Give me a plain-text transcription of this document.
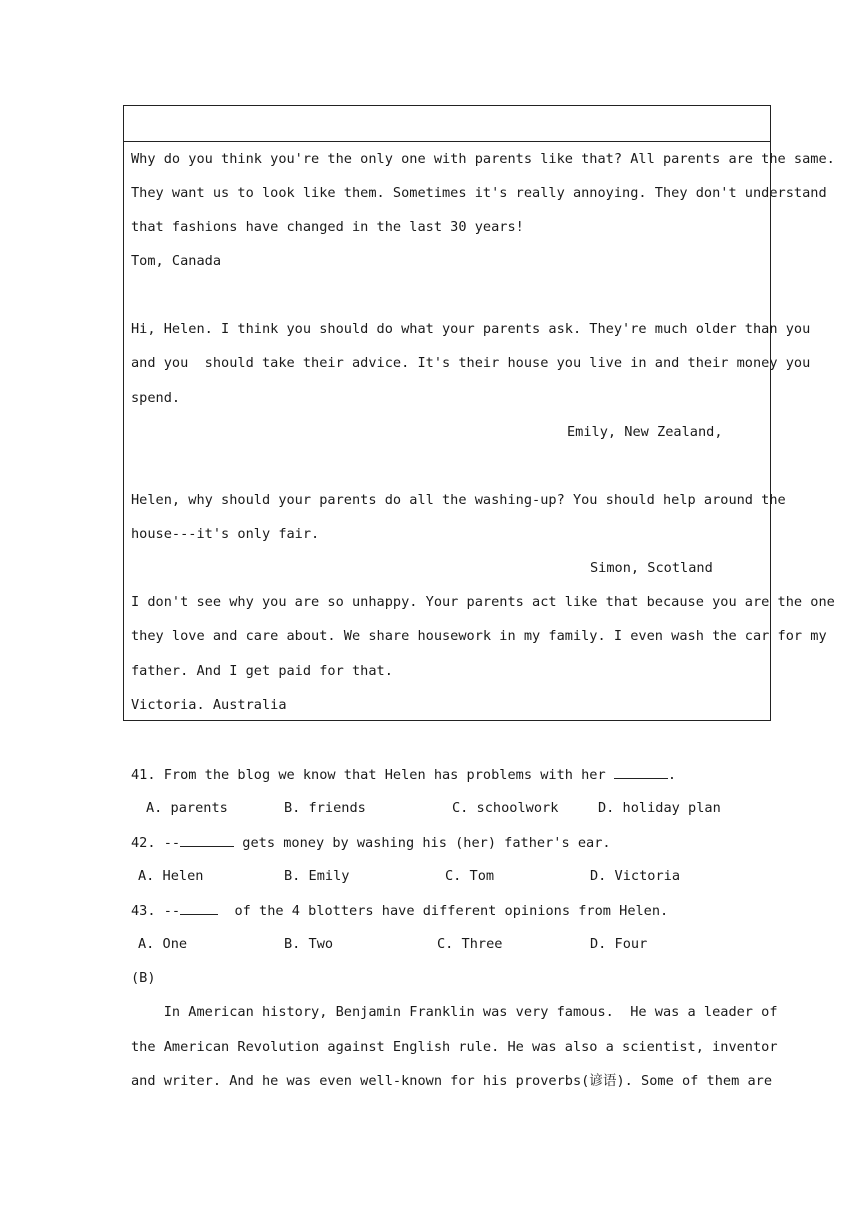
Why do you think you're the only one with parents like that? All parents are the same.
They want us to look like them. Sometimes it's really annoying. They don't understand
that fashions have changed in the last 30 years!
Tom, Canada
Hi, Helen. I think you should do what your parents ask. They're much older than you
and you  should take their advice. It's their house you live in and their money you
spend.
Emily, New Zealand,
Helen, why should your parents do all the washing-up? You should help around the
house---it's only fair.
Simon, Scotland
I don't see why you are so unhappy. Your parents act like that because you are the one
they love and care about. We share housework in my family. I even wash the car for my
father. And I get paid for that.
Victoria. Australia
41. From the blog we know that Helen has problems with her	.
A. parents	B. friends	C. schoolwork	D. holiday plan
42. --	gets money by washing his (her) father's ear.
A. Helen	B. Emily	C. Tom	D. Victoria
43. --	of the 4 blotters have different opinions from Helen.
A. One	B. Two	C. Three	D. Four
(B)
In American history, Benjamin Franklin was very famous.  He was a leader of
the American Revolution against English rule. He was also a scientist, inventor
and writer. And he was even well-known for his proverbs(谚语). Some of them are
